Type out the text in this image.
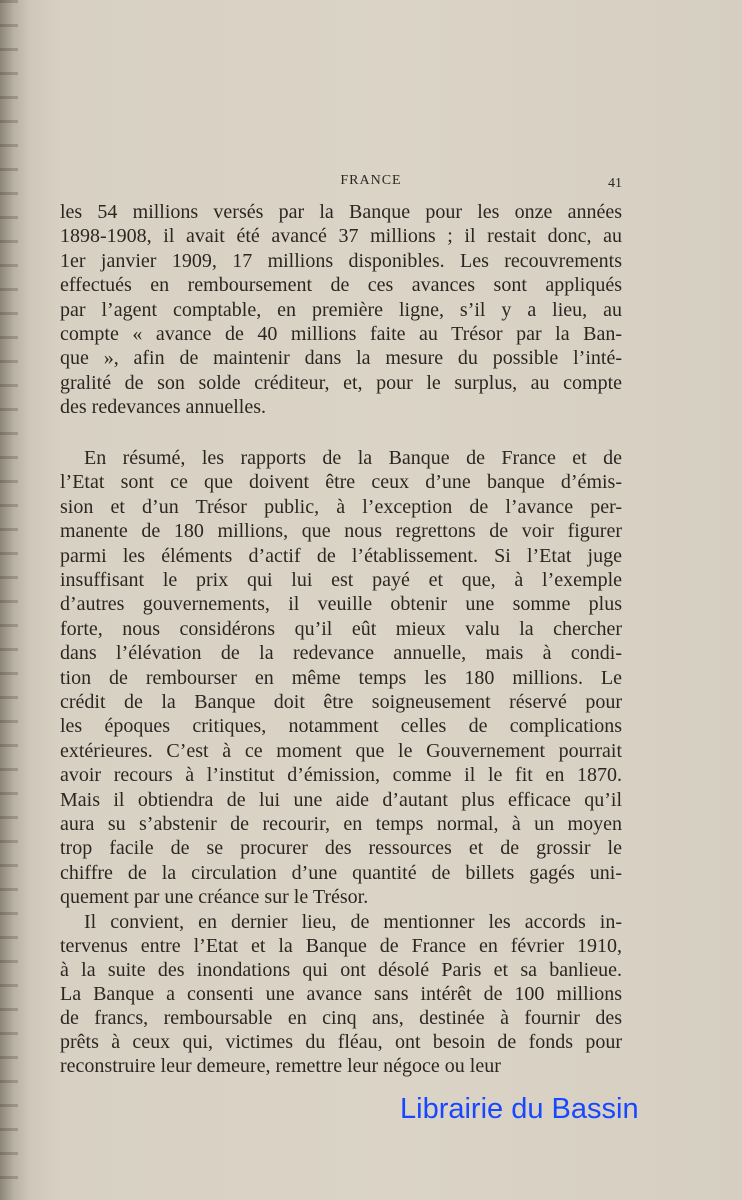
FRANCE	41
les 54 millions versés par la Banque pour les onze années
1898-1908, il avait été avancé 37 millions ; il restait donc, au
1er janvier 1909, 17 millions disponibles. Les recouvrements
effectués en remboursement de ces avances sont appliqués
par l’agent comptable, en première ligne, s’il y a lieu, au
compte « avance de 40 millions faite au Trésor par la Ban-
que », afin de maintenir dans la mesure du possible l’inté-
gralité de son solde créditeur, et, pour le surplus, au compte
des redevances annuelles.
En résumé, les rapports de la Banque de France et de
l’Etat sont ce que doivent être ceux d’une banque d’émis-
sion et d’un Trésor public, à l’exception de l’avance per-
manente de 180 millions, que nous regrettons de voir figurer
parmi les éléments d’actif de l’établissement. Si l’Etat juge
insuffisant le prix qui lui est payé et que, à l’exemple
d’autres gouvernements, il veuille obtenir une somme plus
forte, nous considérons qu’il eût mieux valu la chercher
dans l’élévation de la redevance annuelle, mais à condi-
tion de rembourser en même temps les 180 millions. Le
crédit de la Banque doit être soigneusement réservé pour
les époques critiques, notamment celles de complications
extérieures. C’est à ce moment que le Gouvernement pourrait
avoir recours à l’institut d’émission, comme il le fit en 1870.
Mais il obtiendra de lui une aide d’autant plus efficace qu’il
aura su s’abstenir de recourir, en temps normal, à un moyen
trop facile de se procurer des ressources et de grossir le
chiffre de la circulation d’une quantité de billets gagés uni-
quement par une créance sur le Trésor.
Il convient, en dernier lieu, de mentionner les accords in-
tervenus entre l’Etat et la Banque de France en février 1910,
à la suite des inondations qui ont désolé Paris et sa banlieue.
La Banque a consenti une avance sans intérêt de 100 millions
de francs, remboursable en cinq ans, destinée à fournir des
prêts à ceux qui, victimes du fléau, ont besoin de fonds pour
reconstruire leur demeure, remettre leur négoce ou leur
Librairie du Bassin
